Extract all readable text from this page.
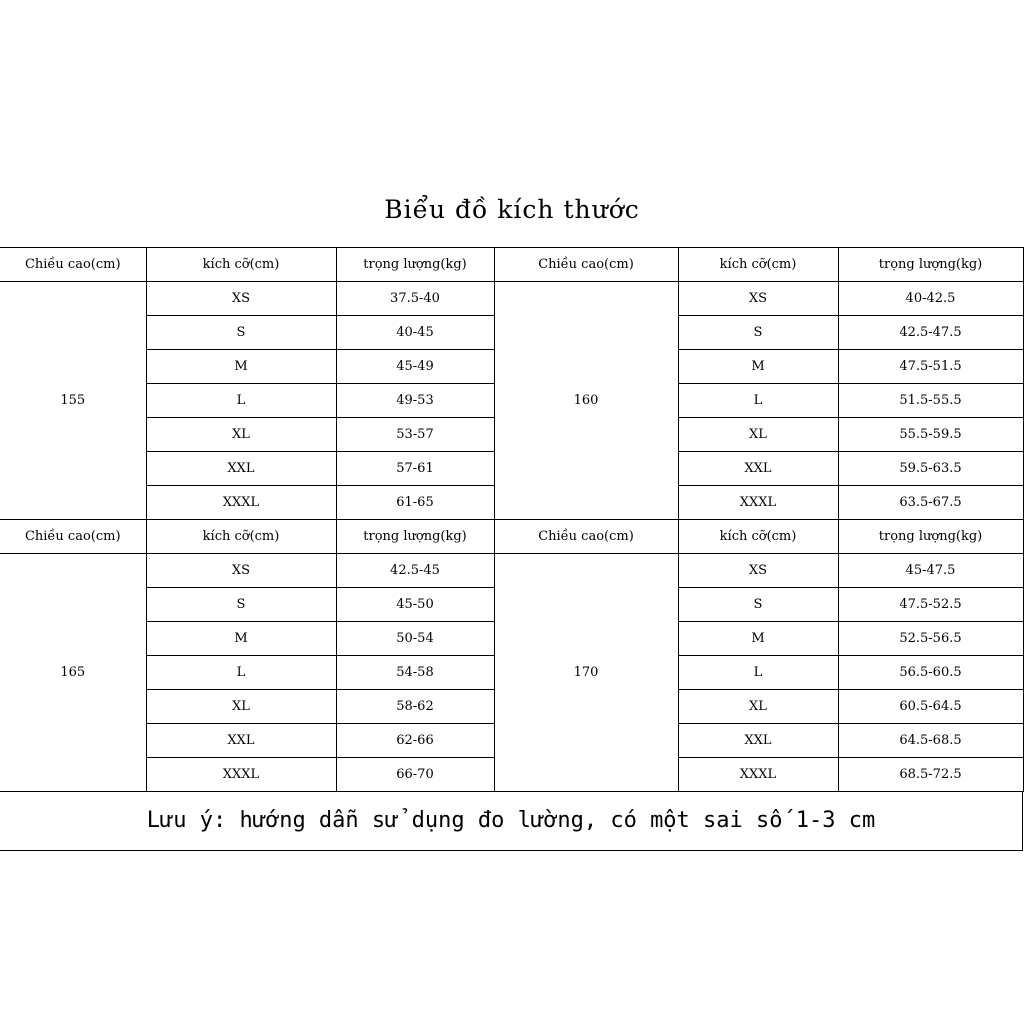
Biểu đồ kích thước
Chiều cao(cm)	kích cỡ(cm)	trọng lượng(kg)	Chiều cao(cm)	kích cỡ(cm)	trọng lượng(kg)
155	XS	37.5-40	160	XS	40-42.5
	S	40-45		S	42.5-47.5
	M	45-49		M	47.5-51.5
	L	49-53		L	51.5-55.5
	XL	53-57		XL	55.5-59.5
	XXL	57-61		XXL	59.5-63.5
	XXXL	61-65		XXXL	63.5-67.5
Chiều cao(cm)	kích cỡ(cm)	trọng lượng(kg)	Chiều cao(cm)	kích cỡ(cm)	trọng lượng(kg)
165	XS	42.5-45	170	XS	45-47.5
	S	45-50		S	47.5-52.5
	M	50-54		M	52.5-56.5
	L	54-58		L	56.5-60.5
	XL	58-62		XL	60.5-64.5
	XXL	62-66		XXL	64.5-68.5
	XXXL	66-70		XXXL	68.5-72.5
Lưu ý: hướng dẫn sử dụng đo lường, có một sai số 1-3 cm
